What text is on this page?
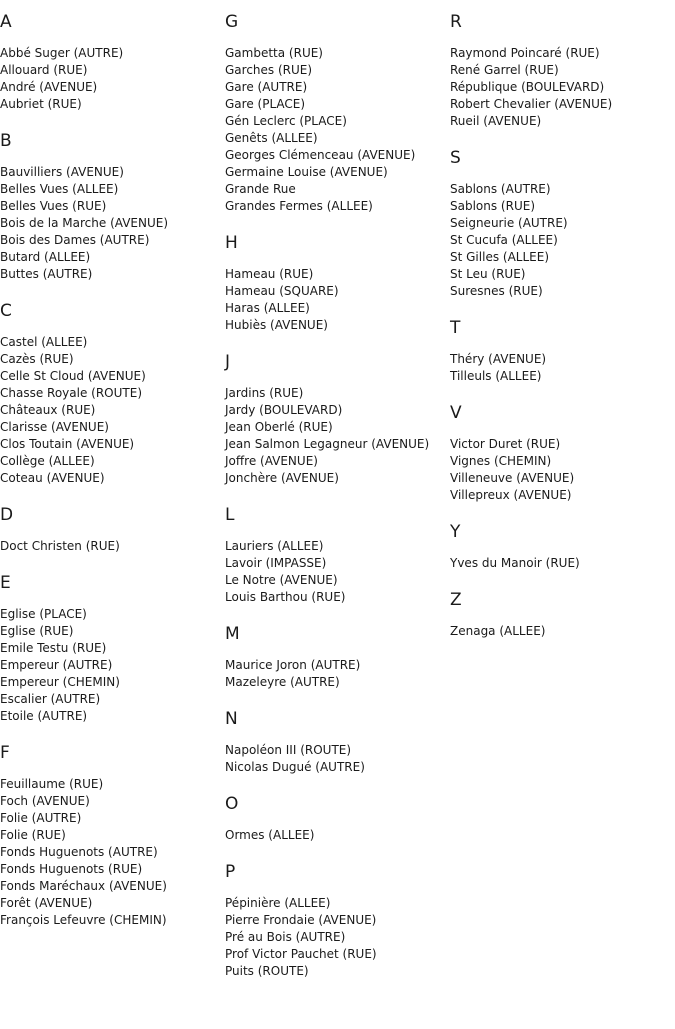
A
Abbé Suger (AUTRE)
Allouard (RUE)
André (AVENUE)
Aubriet (RUE)
B
Bauvilliers (AVENUE)
Belles Vues (ALLEE)
Belles Vues (RUE)
Bois de la Marche (AVENUE)
Bois des Dames (AUTRE)
Butard (ALLEE)
Buttes (AUTRE)
C
Castel (ALLEE)
Cazès (RUE)
Celle St Cloud (AVENUE)
Chasse Royale (ROUTE)
Châteaux (RUE)
Clarisse (AVENUE)
Clos Toutain (AVENUE)
Collège (ALLEE)
Coteau (AVENUE)
D
Doct Christen (RUE)
E
Eglise (PLACE)
Eglise (RUE)
Emile Testu (RUE)
Empereur (AUTRE)
Empereur (CHEMIN)
Escalier (AUTRE)
Etoile (AUTRE)
F
Feuillaume (RUE)
Foch (AVENUE)
Folie (AUTRE)
Folie (RUE)
Fonds Huguenots (AUTRE)
Fonds Huguenots (RUE)
Fonds Maréchaux (AVENUE)
Forêt (AVENUE)
François Lefeuvre (CHEMIN)
G
Gambetta (RUE)
Garches (RUE)
Gare (AUTRE)
Gare (PLACE)
Gén Leclerc (PLACE)
Genêts (ALLEE)
Georges Clémenceau (AVENUE)
Germaine Louise (AVENUE)
Grande Rue
Grandes Fermes (ALLEE)
H
Hameau (RUE)
Hameau (SQUARE)
Haras (ALLEE)
Hubiès (AVENUE)
J
Jardins (RUE)
Jardy (BOULEVARD)
Jean Oberlé (RUE)
Jean Salmon Legagneur (AVENUE)
Joffre (AVENUE)
Jonchère (AVENUE)
L
Lauriers (ALLEE)
Lavoir (IMPASSE)
Le Notre (AVENUE)
Louis Barthou (RUE)
M
Maurice Joron (AUTRE)
Mazeleyre (AUTRE)
N
Napoléon III (ROUTE)
Nicolas Dugué (AUTRE)
O
Ormes (ALLEE)
P
Pépinière (ALLEE)
Pierre Frondaie (AVENUE)
Pré au Bois (AUTRE)
Prof Victor Pauchet (RUE)
Puits (ROUTE)
R
Raymond Poincaré (RUE)
René Garrel (RUE)
République (BOULEVARD)
Robert Chevalier (AVENUE)
Rueil (AVENUE)
S
Sablons (AUTRE)
Sablons (RUE)
Seigneurie (AUTRE)
St Cucufa (ALLEE)
St Gilles (ALLEE)
St Leu (RUE)
Suresnes (RUE)
T
Théry (AVENUE)
Tilleuls (ALLEE)
V
Victor Duret (RUE)
Vignes (CHEMIN)
Villeneuve (AVENUE)
Villepreux (AVENUE)
Y
Yves du Manoir (RUE)
Z
Zenaga (ALLEE)
